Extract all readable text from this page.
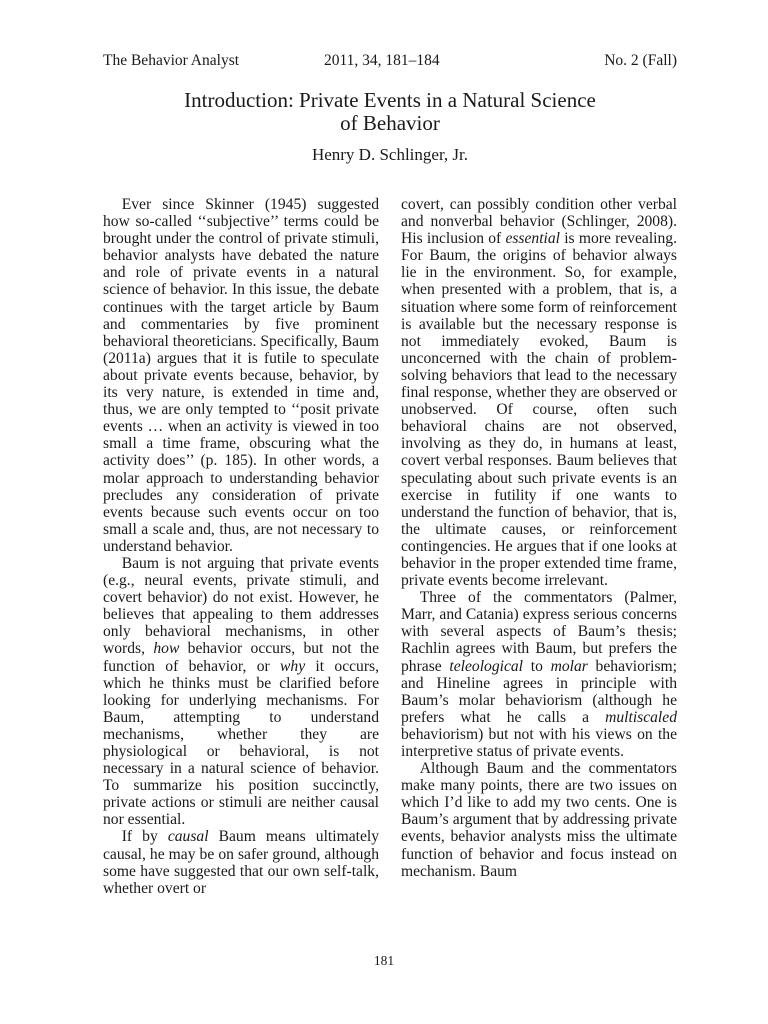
The Behavior Analyst	2011, 34, 181–184	No. 2 (Fall)
Introduction: Private Events in a Natural Science
of Behavior
Henry D. Schlinger, Jr.

Ever since Skinner (1945) suggested how so-called ‘‘subjective’’ terms could be brought under the control of private stimuli, behavior analysts have debated the nature and role of private events in a natural science of behavior. In this issue, the debate continues with the target article by Baum and commentaries by five prominent behavioral theoreticians. Specifically, Baum (2011a) argues that it is futile to speculate about private events because, behavior, by its very nature, is extended in time and, thus, we are only tempted to ‘‘posit private events … when an activity is viewed in too small a time frame, obscuring what the activity does’’ (p. 185). In other words, a molar approach to understanding behavior precludes any consideration of private events because such events occur on too small a scale and, thus, are not necessary to understand behavior.

Baum is not arguing that private events (e.g., neural events, private stimuli, and covert behavior) do not exist. However, he believes that appealing to them addresses only behavioral mechanisms, in other words, how behavior occurs, but not the function of behavior, or why it occurs, which he thinks must be clarified before looking for underlying mechanisms. For Baum, attempting to understand mechanisms, whether they are physiological or behavioral, is not necessary in a natural science of behavior. To summarize his position succinctly, private actions or stimuli are neither causal nor essential.

If by causal Baum means ultimately causal, he may be on safer ground, although some have suggested that our own self-talk, whether overt or

covert, can possibly condition other verbal and nonverbal behavior (Schlinger, 2008). His inclusion of essential is more revealing. For Baum, the origins of behavior always lie in the environment. So, for example, when presented with a problem, that is, a situation where some form of reinforcement is available but the necessary response is not immediately evoked, Baum is unconcerned with the chain of problem-solving behaviors that lead to the necessary final response, whether they are observed or unobserved. Of course, often such behavioral chains are not observed, involving as they do, in humans at least, covert verbal responses. Baum believes that speculating about such private events is an exercise in futility if one wants to understand the function of behavior, that is, the ultimate causes, or reinforcement contingencies. He argues that if one looks at behavior in the proper extended time frame, private events become irrelevant.

Three of the commentators (Palmer, Marr, and Catania) express serious concerns with several aspects of Baum’s thesis; Rachlin agrees with Baum, but prefers the phrase teleological to molar behaviorism; and Hineline agrees in principle with Baum’s molar behaviorism (although he prefers what he calls a multiscaled behaviorism) but not with his views on the interpretive status of private events.

Although Baum and the commentators make many points, there are two issues on which I’d like to add my two cents. One is Baum’s argument that by addressing private events, behavior analysts miss the ultimate function of behavior and focus instead on mechanism. Baum

181
